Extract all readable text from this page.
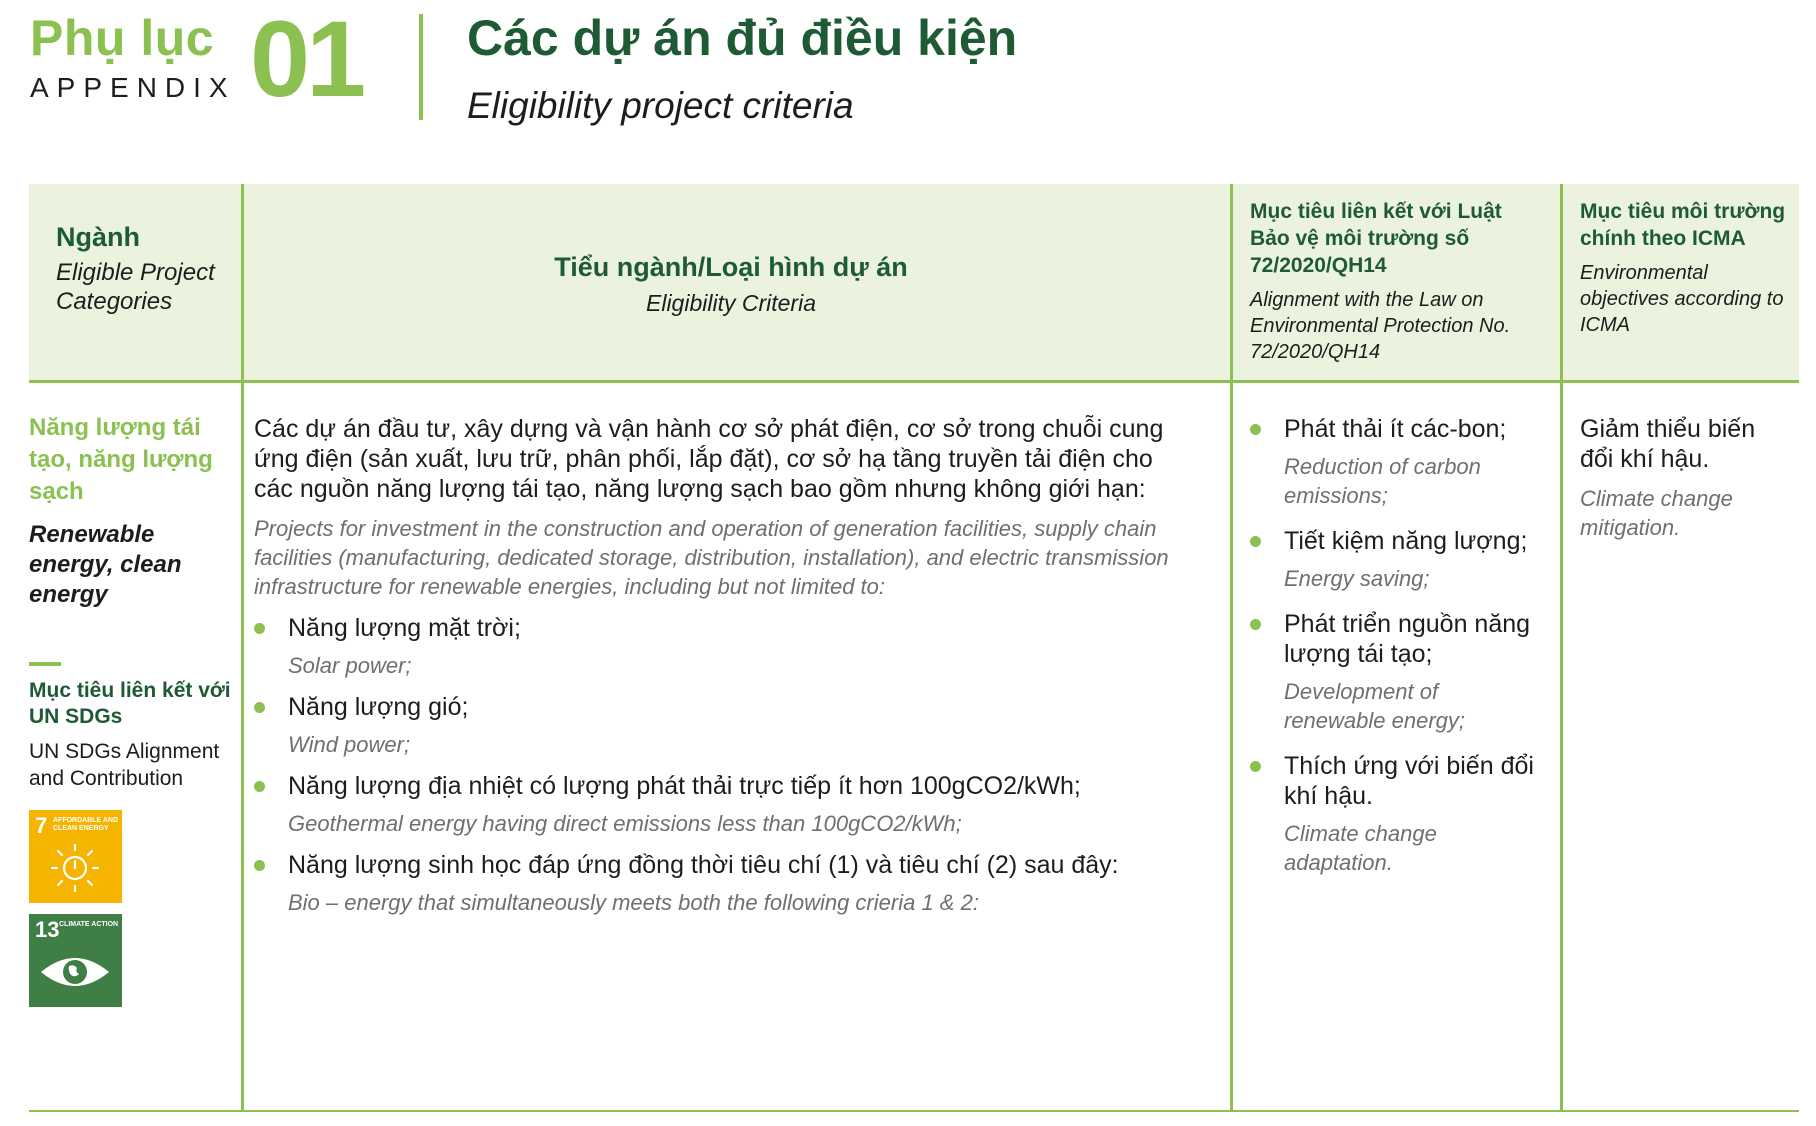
Phụ lục
APPENDIX 01 Các dự án đủ điều kiện
Eligibility project criteria
Ngành
Eligible Project Categories
Tiểu ngành/Loại hình dự án
Eligibility Criteria
Mục tiêu liên kết với Luật Bảo vệ môi trường số 72/2020/QH14
Alignment with the Law on Environmental Protection No. 72/2020/QH14
Mục tiêu môi trường chính theo ICMA
Environmental objectives according to ICMA
Năng lượng tái tạo, năng lượng sạch
Renewable energy, clean energy
Mục tiêu liên kết với UN SDGs
UN SDGs Alignment and Contribution
7 AFFORDABLE AND CLEAN ENERGY
13 CLIMATE ACTION
Các dự án đầu tư, xây dựng và vận hành cơ sở phát điện, cơ sở trong chuỗi cung ứng điện (sản xuất, lưu trữ, phân phối, lắp đặt), cơ sở hạ tầng truyền tải điện cho các nguồn năng lượng tái tạo, năng lượng sạch bao gồm nhưng không giới hạn:
Projects for investment in the construction and operation of generation facilities, supply chain facilities (manufacturing, dedicated storage, distribution, installation), and electric transmission infrastructure for renewable energies, including but not limited to:
Năng lượng mặt trời;
Solar power;
Năng lượng gió;
Wind power;
Năng lượng địa nhiệt có lượng phát thải trực tiếp ít hơn 100gCO2/kWh;
Geothermal energy having direct emissions less than 100gCO2/kWh;
Năng lượng sinh học đáp ứng đồng thời tiêu chí (1) và tiêu chí (2) sau đây:
Bio – energy that simultaneously meets both the following crieria 1 & 2:
Phát thải ít các-bon;
Reduction of carbon emissions;
Tiết kiệm năng lượng;
Energy saving;
Phát triển nguồn năng lượng tái tạo;
Development of renewable energy;
Thích ứng với biến đổi khí hậu.
Climate change adaptation.
Giảm thiểu biến đổi khí hậu.
Climate change mitigation.
